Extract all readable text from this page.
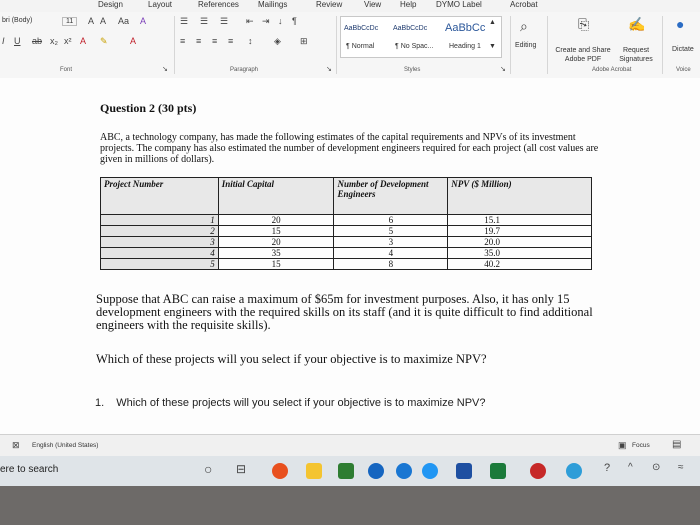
Design	Layout	References Mailings	Review	View Help DYMO Label	Acrobat
bri (Body)	11	A A Aa A
I U ab x₂ x² A ✎ A
Font	↘
☰ ☰ ☰ ⇤ ⇥ ↓ ¶
≡ ≡ ≡ ≡ ↕ ◈ ⊞
Paragraph	↘
AaBbCcDc
¶ Normal
AaBbCcDc
¶ No Spac...
AaBbCc
Heading 1
▲
▼
Styles	↘
⌕
Editing
⎘
Create and Share Adobe PDF
✍
Request Signatures
Adobe Acrobat
●
Dictate
Voice
Question 2 (30 pts)
ABC, a technology company, has made the following estimates of the capital requirements and NPVs of its investment projects. The company has also estimated the number of development engineers required for each project (all cost values are given in millions of dollars).
Project Number	Initial Capital	Number of Development Engineers	NPV ($ Million)
1	20	6	15.1
2	15	5	19.7
3	20	3	20.0
4	35	4	35.0
5	15	8	40.2
Suppose that ABC can raise a maximum of $65m for investment purposes. Also, it has only 15 development engineers with the required skills on its staff (and it is quite difficult to find additional engineers with the requisite skills).
Which of these projects will you select if your objective is to maximize NPV?
1. Which of these projects will you select if your objective is to maximize NPV?
⊠ English (United States)	▣ Focus ▤
ere to search	○ ⊟	? ^ ⊙ ≈
